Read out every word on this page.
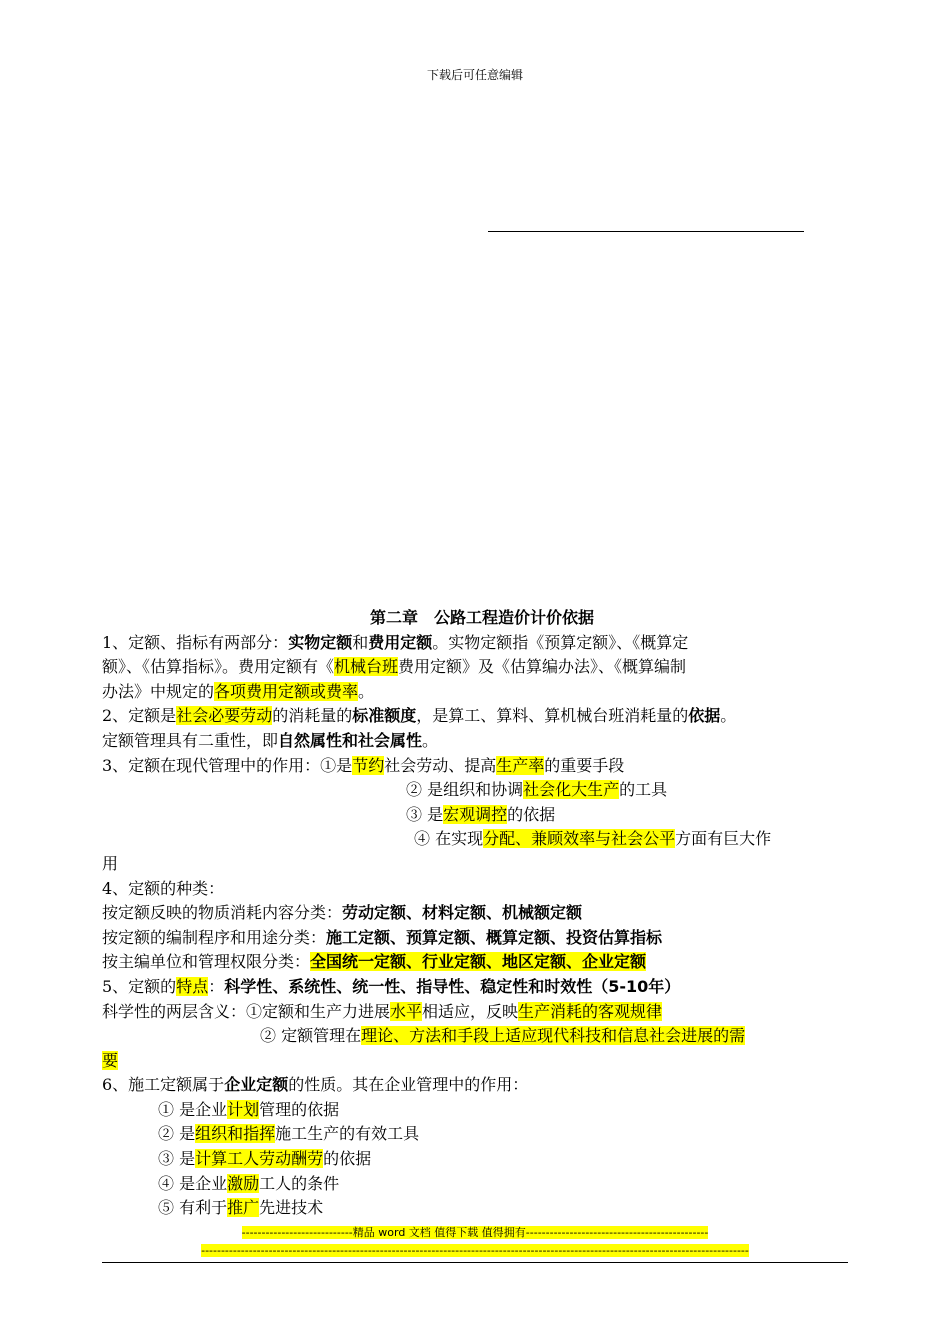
下载后可任意编辑
第二章　公路工程造价计价依据
1、定额、指标有两部分：实物定额和费用定额。实物定额指《预算定额》、《概算定
额》、《估算指标》。费用定额有《机械台班费用定额》及《估算编办法》、《概算编制
办法》中规定的各项费用定额或费率。
2、定额是社会必要劳动的消耗量的标准额度，是算工、算料、算机械台班消耗量的依据。
定额管理具有二重性，即自然属性和社会属性。
3、定额在现代管理中的作用：①是节约社会劳动、提高生产率的重要手段
② 是组织和协调社会化大生产的工具
③ 是宏观调控的依据
④ 在实现分配、兼顾效率与社会公平方面有巨大作
用
4、定额的种类：
按定额反映的物质消耗内容分类：劳动定额、材料定额、机械额定额
按定额的编制程序和用途分类：施工定额、预算定额、概算定额、投资估算指标
按主编单位和管理权限分类：全国统一定额、行业定额、地区定额、企业定额
5、定额的特点：科学性、系统性、统一性、指导性、稳定性和时效性（5-10年）
科学性的两层含义：①定额和生产力进展水平相适应，反映生产消耗的客观规律
② 定额管理在理论、方法和手段上适应现代科技和信息社会进展的需
要
6、施工定额属于企业定额的性质。其在企业管理中的作用：
① 是企业计划管理的依据
② 是组织和指挥施工生产的有效工具
③ 是计算工人劳动酬劳的依据
④ 是企业激励工人的条件
⑤ 有利于推广先进技术
----------------------------精品 word 文档 值得下载 值得拥有----------------------------------------------
------------------------------------------------------------------------------------------------------------------------------------------
